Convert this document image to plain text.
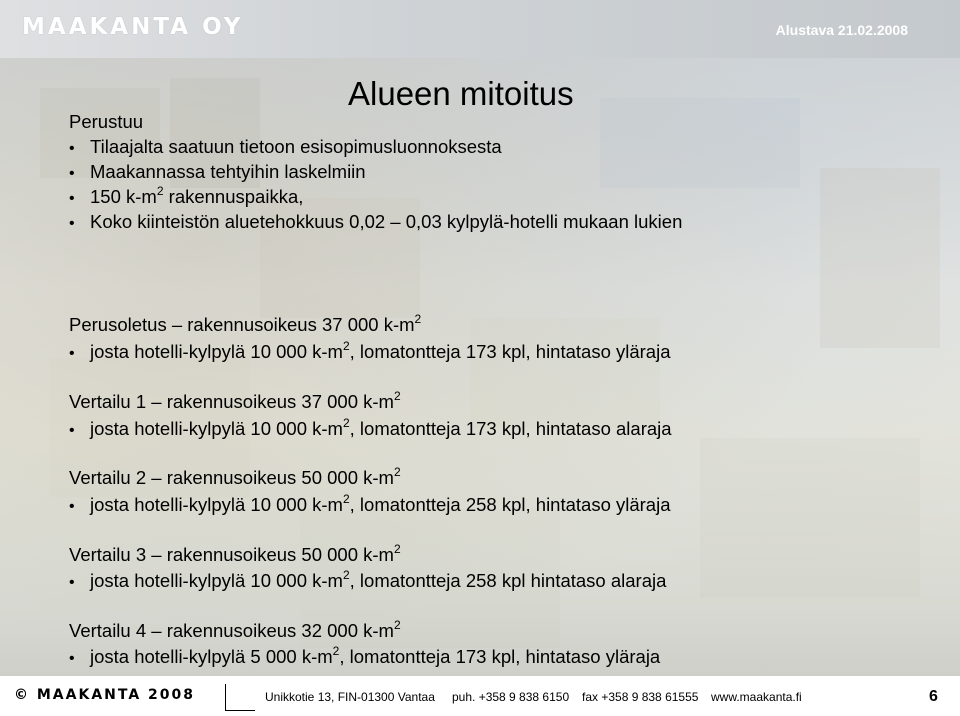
MAAKANTA OY	Alustava 21.02.2008
Alueen mitoitus
Perustuu
• Tilaajalta saatuun tietoon esisopimusluonnoksesta
• Maakannassa tehtyihin laskelmiin
• 150 $k-m^2$ rakennuspaikka,
• Koko kiinteistön aluetehokkuus 0,02 – 0,03 kylpylä-hotelli mukaan lukien
Perusoletus – rakennusoikeus 37 000 $k-m^2$
• josta hotelli-kylpylä 10 000 $k-m^2$, lomatontteja 173 kpl, hintataso yläraja
Vertailu 1 – rakennusoikeus 37 000 $k-m^2$
• josta hotelli-kylpylä 10 000 $k-m^2$, lomatontteja 173 kpl, hintataso alaraja
Vertailu 2 – rakennusoikeus 50 000 $k-m^2$
• josta hotelli-kylpylä 10 000 $k-m^2$, lomatontteja 258 kpl, hintataso yläraja
Vertailu 3 – rakennusoikeus 50 000 $k-m^2$
• josta hotelli-kylpylä 10 000 $k-m^2$, lomatontteja 258 kpl hintataso alaraja
Vertailu 4 – rakennusoikeus 32 000 $k-m^2$
• josta hotelli-kylpylä 5 000 $k-m^2$, lomatontteja 173 kpl, hintataso yläraja
© MAAKANTA 2008	Unikkotie 13, FIN-01300 Vantaa puh. +358 9 838 6150 fax +358 9 838 61555 www.maakanta.fi	6
